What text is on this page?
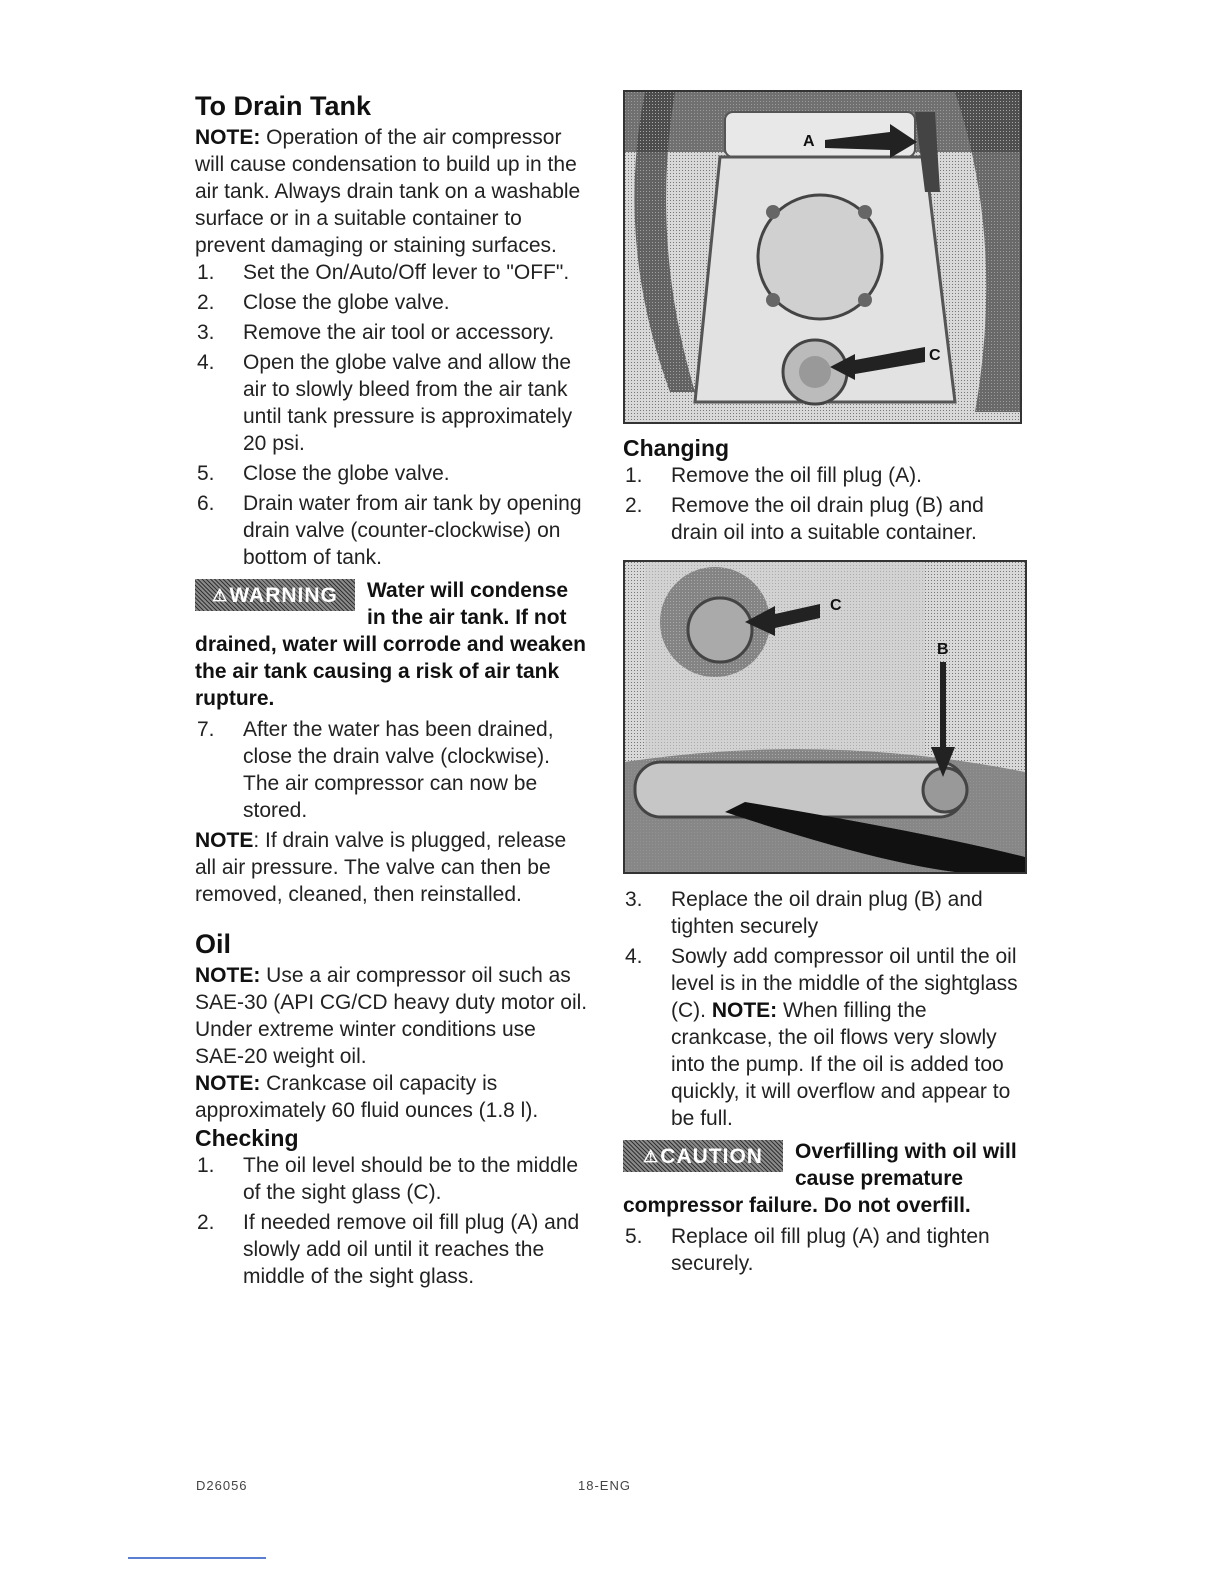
To Drain Tank

NOTE: Operation of the air compressor will cause condensation to build up in the air tank. Always drain tank on a washable surface or in a suitable container to prevent damaging or staining surfaces.

1. Set the On/Auto/Off lever to "OFF".
2. Close the globe valve.
3. Remove the air tool or accessory.
4. Open the globe valve and allow the air to slowly bleed from the air tank until tank pressure is approximately 20 psi.
5. Close the globe valve.
6. Drain water from air tank by opening drain valve (counter-clockwise) on bottom of tank.
⚠ WARNING Water will condense in the air tank. If not drained, water will corrode and weaken the air tank causing a risk of air tank rupture.
7. After the water has been drained, close the drain valve (clockwise). The air compressor can now be stored.

NOTE: If drain valve is plugged, release all air pressure. The valve can then be removed, cleaned, then reinstalled.

Oil

NOTE: Use a air compressor oil such as SAE-30 (API CG/CD heavy duty motor oil. Under extreme winter conditions use SAE-20 weight oil.

NOTE: Crankcase oil capacity is approximately 60 fluid ounces (1.8 l).

Checking
1. The oil level should be to the middle of the sight glass (C).
2. If needed remove oil fill plug (A) and slowly add oil until it reaches the middle of the sight glass.
A
C
Changing
1. Remove the oil fill plug (A).
2. Remove the oil drain plug (B) and drain oil into a suitable container.
C
B
3. Replace the oil drain plug (B) and tighten securely
4. Sowly add compressor oil until the oil level is in the middle of the sightglass (C). NOTE: When filling the crankcase, the oil flows very slowly into the pump. If the oil is added too quickly, it will overflow and appear to be full.
⚠ CAUTION Overfilling with oil will cause premature compressor failure. Do not overfill.
5. Replace oil fill plug (A) and tighten securely.
D26056	18-ENG
